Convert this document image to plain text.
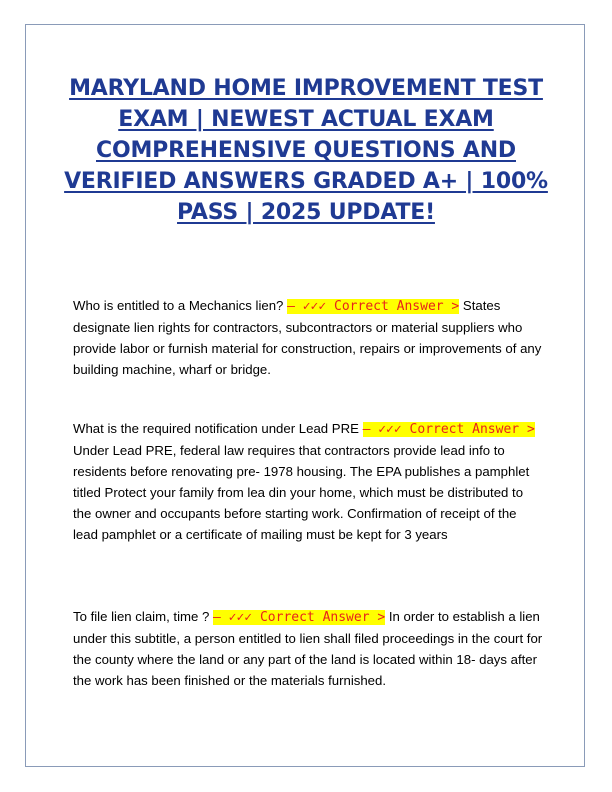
MARYLAND HOME IMPROVEMENT TEST EXAM | NEWEST ACTUAL EXAM COMPREHENSIVE QUESTIONS AND VERIFIED ANSWERS GRADED A+ | 100% PASS | 2025 UPDATE!
Who is entitled to a Mechanics lien? – ✓✓✓ Correct Answer > States designate lien rights for contractors, subcontractors or material suppliers who provide labor or furnish material for construction, repairs or improvements of any building machine, wharf or bridge.
What is the required notification under Lead PRE – ✓✓✓ Correct Answer > Under Lead PRE, federal law requires that contractors provide lead info to residents before renovating pre- 1978 housing. The EPA publishes a pamphlet titled Protect your family from lea din your home, which must be distributed to the owner and occupants before starting work. Confirmation of receipt of the lead pamphlet or a certificate of mailing must be kept for 3 years
To file lien claim, time ? – ✓✓✓ Correct Answer > In order to establish a lien under this subtitle, a person entitled to lien shall filed proceedings in the court for the county where the land or any part of the land is located within 18- days after the work has been finished or the materials furnished.
